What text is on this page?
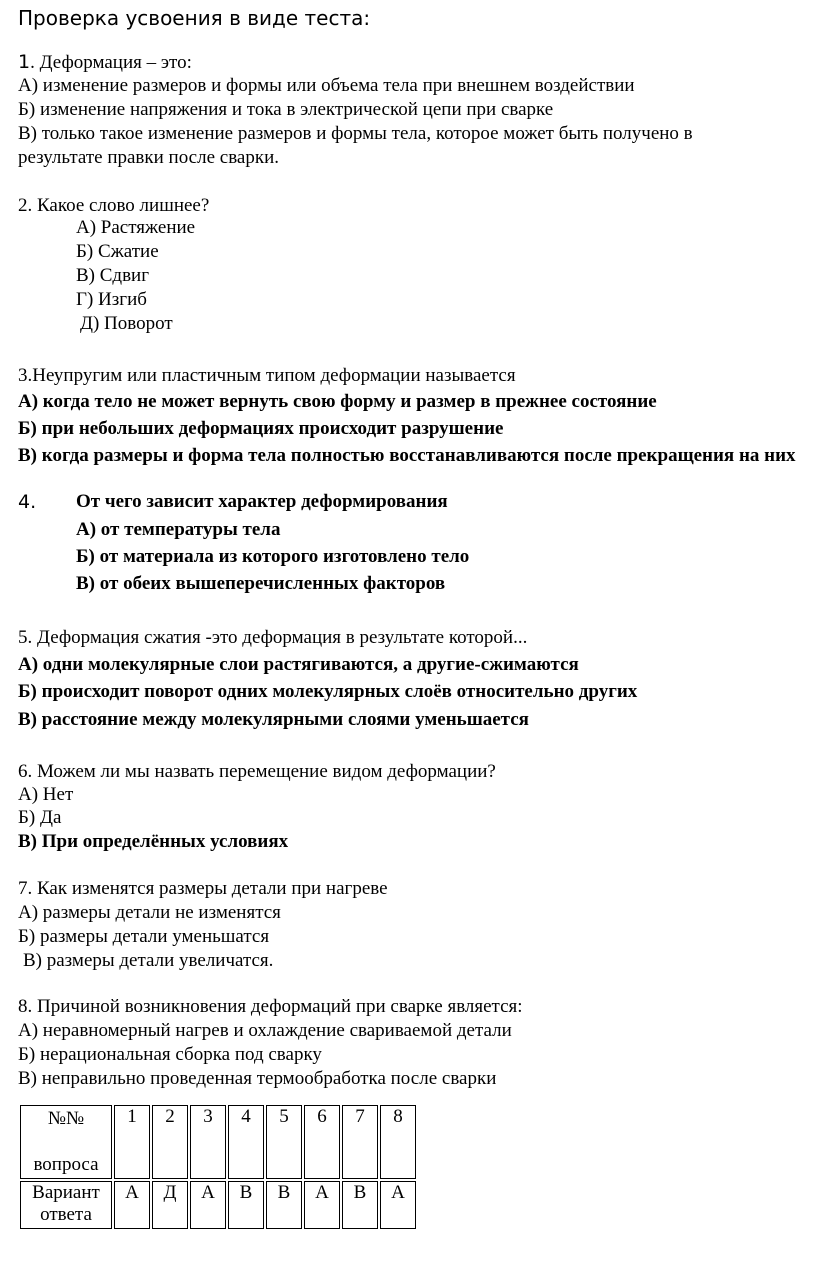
Проверка усвоения в виде теста:
1. Деформация – это:
А) изменение размеров и формы или объема тела при внешнем воздействии
Б) изменение напряжения и тока в электрической цепи при сварке
В) только такое изменение размеров и формы тела, которое может быть получено в
результате правки после сварки.
2. Какое слово лишнее?
А) Растяжение
Б) Сжатие
В) Сдвиг
Г) Изгиб
Д) Поворот
3.Неупругим или пластичным типом деформации называется
А) когда тело не может вернуть свою форму и размер в прежнее состояние
Б) при небольших деформациях происходит разрушение
В) когда размеры и форма тела полностью восстанавливаются после прекращения на них
4. От чего зависит характер деформирования
А) от температуры тела
Б) от материала из которого изготовлено тело
В) от обеих вышеперечисленных факторов
5. Деформация сжатия -это деформация в результате которой...
А) одни молекулярные слои растягиваются, а другие-сжимаются
Б) происходит поворот одних молекулярных слоёв относительно других
В) расстояние между молекулярными слоями уменьшается
6. Можем ли мы назвать перемещение видом деформации?
А) Нет
Б) Да
В) При определённых условиях
7. Как изменятся размеры детали при нагреве
А) размеры детали не изменятся
Б) размеры детали уменьшатся
В) размеры детали увеличатся.
8. Причиной возникновения деформаций при сварке является:
А) неравномерный нагрев и охлаждение свариваемой детали
Б) нерациональная сборка под сварку
В) неправильно проведенная термообработка после сварки
№№
вопроса	1	2	3	4	5	6	7	8

Вариант
ответа	А	Д	А	В	В	А	В	А
